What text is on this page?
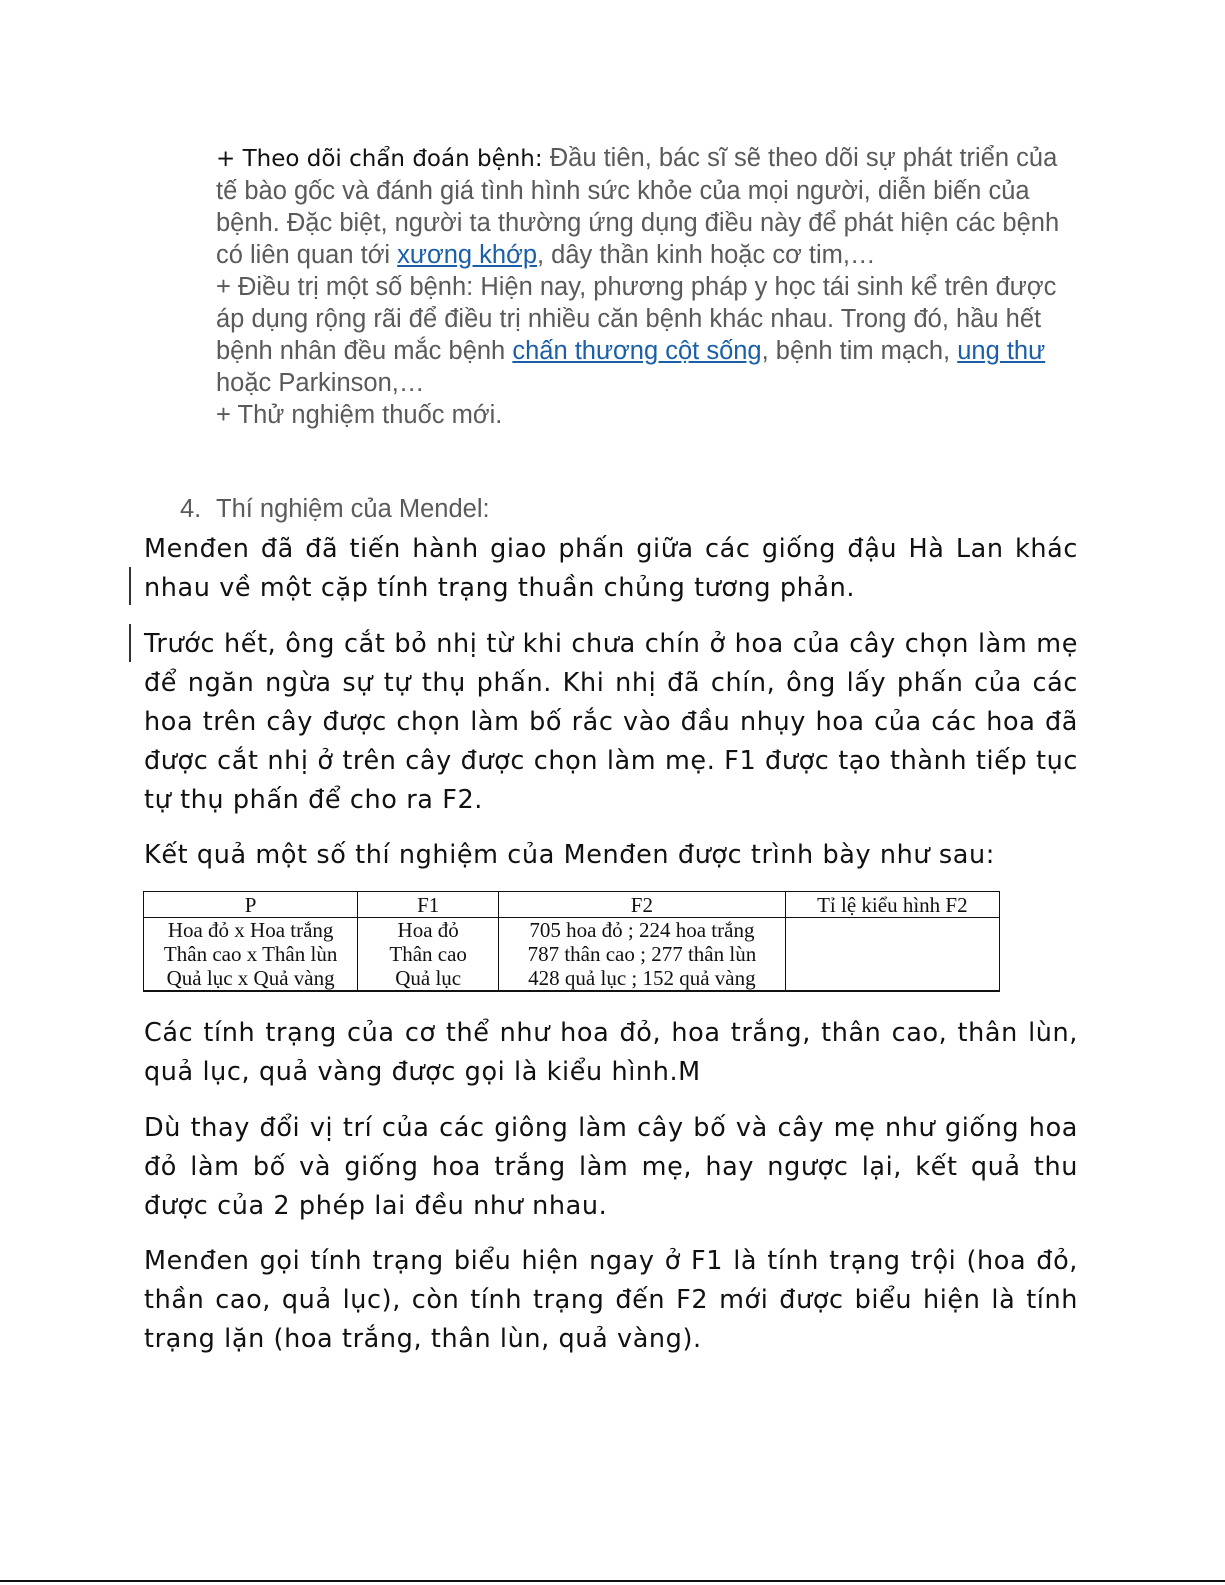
+ Theo dõi chẩn đoán bệnh: Đầu tiên, bác sĩ sẽ theo dõi sự phát triển của tế bào gốc và đánh giá tình hình sức khỏe của mọi người, diễn biến của bệnh. Đặc biệt, người ta thường ứng dụng điều này để phát hiện các bệnh có liên quan tới xương khớp, dây thần kinh hoặc cơ tim,…
+ Điều trị một số bệnh: Hiện nay, phương pháp y học tái sinh kể trên được áp dụng rộng rãi để điều trị nhiều căn bệnh khác nhau. Trong đó, hầu hết bệnh nhân đều mắc bệnh chấn thương cột sống, bệnh tim mạch, ung thư hoặc Parkinson,…
+ Thử nghiệm thuốc mới.
4. Thí nghiệm của Mendel:
Menđen đã đã tiến hành giao phấn giữa các giống đậu Hà Lan khác nhau về một cặp tính trạng thuần chủng tương phản.
Trước hết, ông cắt bỏ nhị từ khi chưa chín ở hoa của cây chọn làm mẹ để ngăn ngừa sự tự thụ phấn. Khi nhị đã chín, ông lấy phấn của các hoa trên cây được chọn làm bố rắc vào đầu nhụy hoa của các hoa đã được cắt nhị ở trên cây được chọn làm mẹ. F1 được tạo thành tiếp tục tự thụ phấn để cho ra F2.
Kết quả một số thí nghiệm của Menđen được trình bày như sau:
P	F1	F2	Tỉ lệ kiểu hình F2
Hoa đỏ x Hoa trắng	Hoa đỏ	705 hoa đỏ ; 224 hoa trắng	
Thân cao x Thân lùn	Thân cao	787 thân cao ; 277 thân lùn	
Quả lục x Quả vàng	Quả lục	428 quả lục ; 152 quả vàng	
Các tính trạng của cơ thể như hoa đỏ, hoa trắng, thân cao, thân lùn, quả lục, quả vàng được gọi là kiểu hình.M
Dù thay đổi vị trí của các giông làm cây bố và cây mẹ như giống hoa đỏ làm bố và giống hoa trắng làm mẹ, hay ngược lại, kết quả thu được của 2 phép lai đều như nhau.
Menđen gọi tính trạng biểu hiện ngay ở F1 là tính trạng trội (hoa đỏ, thần cao, quả lục), còn tính trạng đến F2 mới được biểu hiện là tính trạng lặn (hoa trắng, thân lùn, quả vàng).
